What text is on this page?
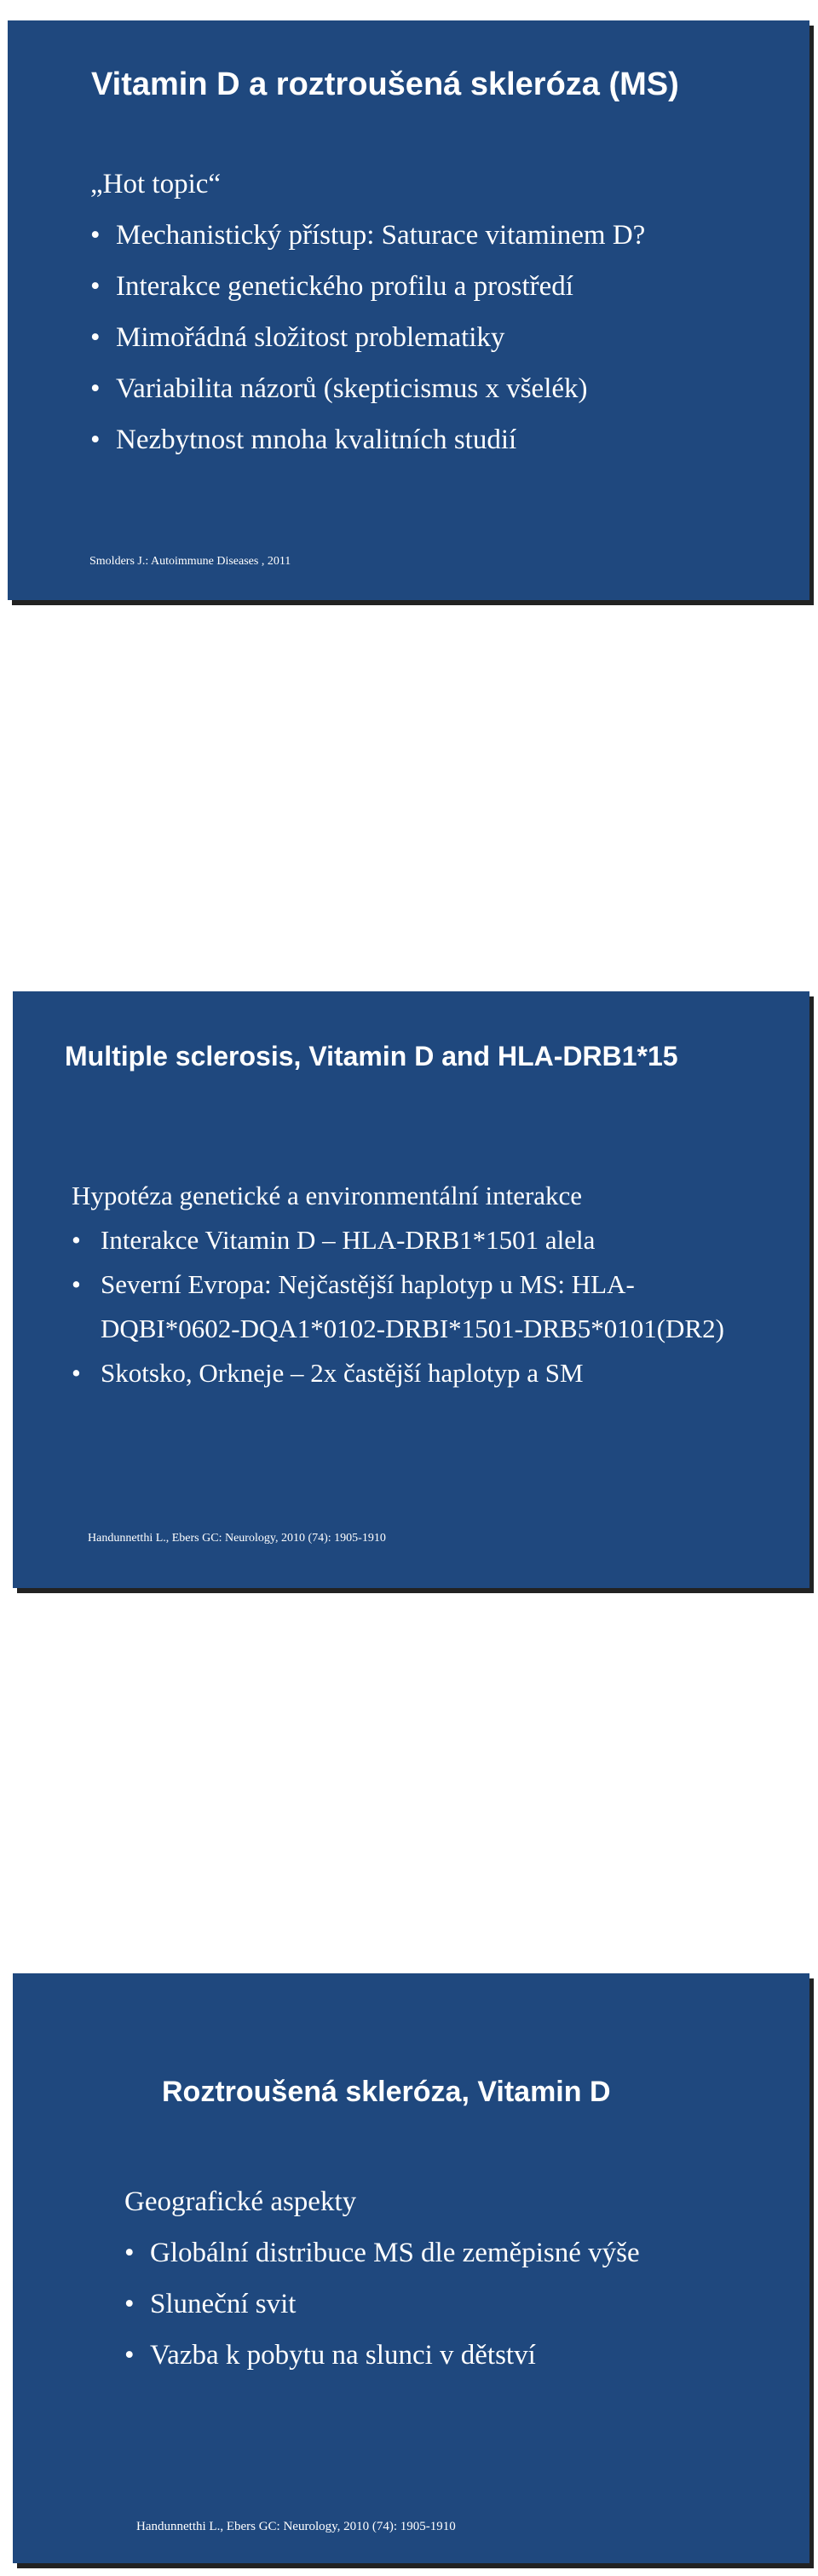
Vitamin D a roztroušená skleróza (MS)

„Hot topic“

• Mechanistický přístup: Saturace vitaminem D?
• Interakce genetického profilu a prostředí
• Mimořádná složitost problematiky
• Variabilita názorů (skepticismus x všelék)
• Nezbytnost mnoha kvalitních studií

Smolders J.: Autoimmune Diseases , 2011

Multiple sclerosis, Vitamin D and HLA-DRB1*15

Hypotéza genetické a environmentální interakce

• Interakce Vitamin D – HLA-DRB1*1501 alela
• Severní Evropa: Nejčastější haplotyp u MS: HLA-DQBI*0602-DQA1*0102-DRBI*1501-DRB5*0101(DR2)
• Skotsko, Orkneje – 2x častější haplotyp a SM

Handunnetthi L., Ebers GC: Neurology, 2010 (74): 1905-1910

Roztroušená skleróza, Vitamin D

Geografické aspekty

• Globální distribuce MS dle zeměpisné výše
• Sluneční svit
• Vazba k pobytu na slunci v dětství

Handunnetthi L., Ebers GC: Neurology, 2010 (74): 1905-1910
